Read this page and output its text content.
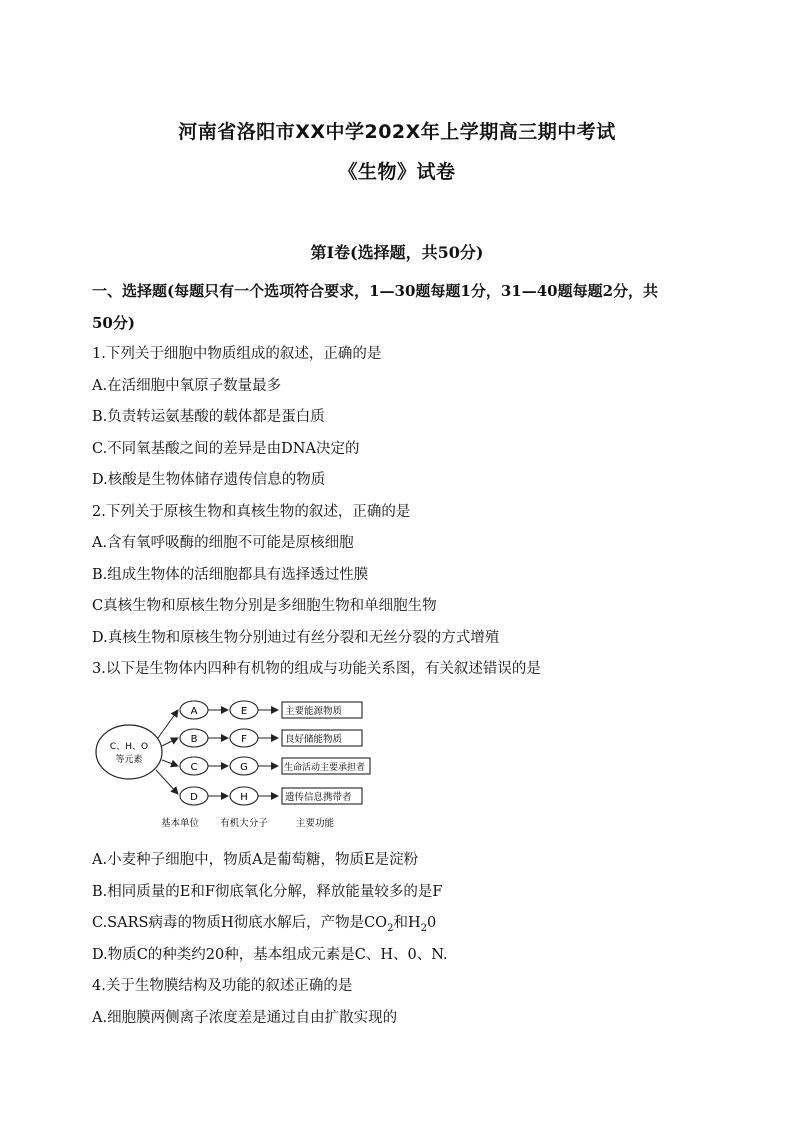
河南省洛阳市XX中学202X年上学期高三期中考试
《生物》试卷
第Ⅰ卷(选择题，共50分)
一、选择题(每题只有一个选项符合要求，1—30题每题1分，31—40题每题2分，共
50分)
1.下列关于细胞中物质组成的叙述，正确的是
A.在活细胞中氧原子数量最多
B.负责转运氨基酸的载体都是蛋白质
C.不同氧基酸之间的差异是由DNA决定的
D.核酸是生物体储存遗传信息的物质
2.下列关于原核生物和真核生物的叙述，正确的是
A.含有氧呼吸酶的细胞不可能是原核细胞
B.组成生物体的活细胞都具有选择透过性膜
C真核生物和原核生物分别是多细胞生物和单细胞生物
D.真核生物和原核生物分别迪过有丝分裂和无丝分裂的方式增殖
3.以下是生物体内四种有机物的组成与功能关系图，有关叙述错误的是
C、H、O
等元素
A	E	主要能源物质
B	F	良好储能物质
C	G	生命活动主要承担者
D	H	遗传信息携带者
基本单位 有机大分子	主要功能
A.小麦种子细胞中，物质A是葡萄糖，物质E是淀粉
B.相同质量的E和F彻底氧化分解，释放能量较多的是F
C.SARS病毒的物质H彻底水解后，产物是$CO_2$和$H_20$
D.物质C的种类约20种，基本组成元素是C、H、0、N.
4.关于生物膜结构及功能的叙述正确的是
A.细胞膜两侧离子浓度差是通过自由扩散实现的
